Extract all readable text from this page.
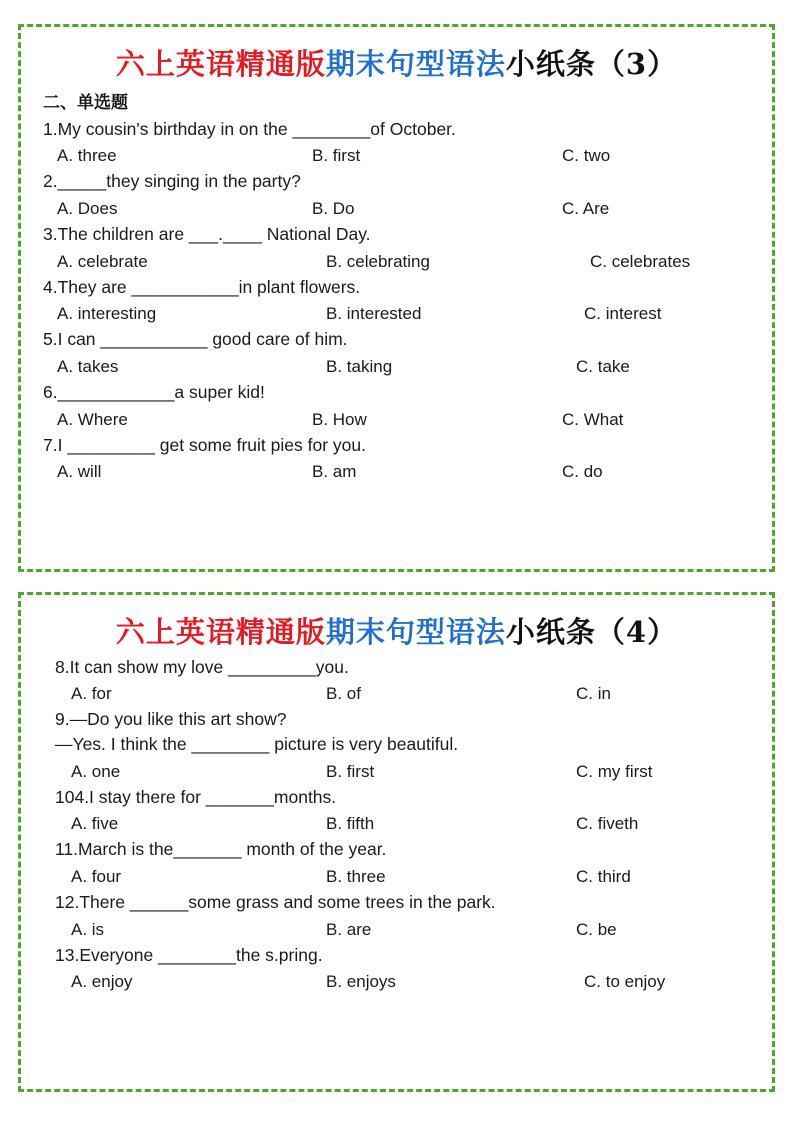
六上英语精通版期末句型语法小纸条（3）
二、单选题
1.My cousin's birthday in on the ________of October.
A. three	B. first	C. two
2._____they singing in the party?
A. Does	B. Do	C. Are
3.The children are ___.____ National Day.
A. celebrate	B. celebrating	C. celebrates
4.They are ___________in plant flowers.
A. interesting	B. interested	C. interest
5.I can ___________ good care of him.
A. takes	B. taking	C. take
6.____________a super kid!
A. Where	B. How	C. What
7.I _________ get some fruit pies for you.
A. will	B. am	C. do
六上英语精通版期末句型语法小纸条（4）
8.It can show my love _________you.
A. for	B. of	C. in
9.—Do you like this art show?
—Yes. I think the ________ picture is very beautiful.
A. one	B. first	C. my first
104.I stay there for _______months.
A. five	B. fifth	C. fiveth
11.March is the_______ month of the year.
A. four	B. three	C. third
12.There ______some grass and some trees in the park.
A. is	B. are	C. be
13.Everyone ________the s.pring.
A. enjoy	B. enjoys	C. to enjoy
